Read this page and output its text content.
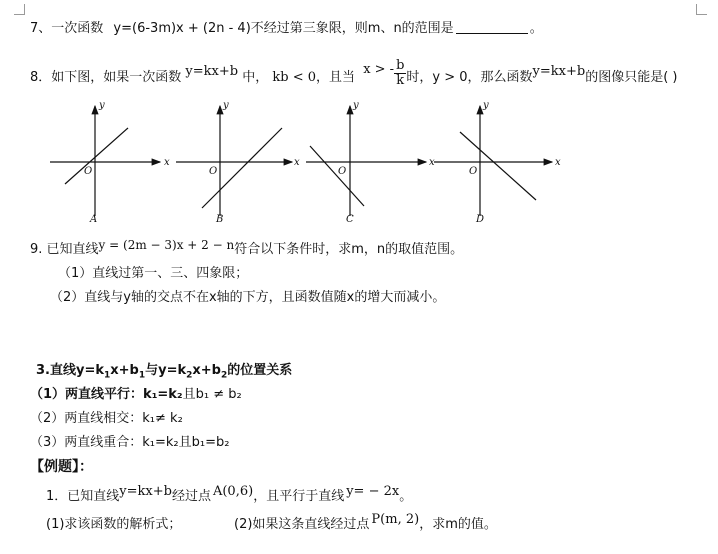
7、一次函数 y=(6-3m)x + (2n - 4)不经过第三象限，则m、n的范围是	。
8．如下图，如果一次函数 y=kx+b 中， kb < 0，且当 x > - $\frac{b}{k}$ 时，y > 0，那么函数y=kx+b的图像只能是( )
x
y
O
A
x
y
O
B
x
y
O
C
x
y
O
D
9. 已知直线y = (2m − 3)x + 2 − n符合以下条件时，求m，n的取值范围。
（1）直线过第一、三、四象限；
（2）直线与y轴的交点不在x轴的下方，且函数值随x的增大而减小。
3.直线$y=k_1x+b_1$与$y=k_2x+b_2$的位置关系
（1）两直线平行：k₁=k₂且b₁ ≠ b₂
（2）两直线相交：k₁≠ k₂
（3）两直线重合：k₁=k₂且b₁=b₂
【例题】：
1．已知直线y=kx+b经过点 A(0,6)，且平行于直线 y= − 2x。
(1)求该函数的解析式；	(2)如果这条直线经过点 P(m, 2)，求m的值。
